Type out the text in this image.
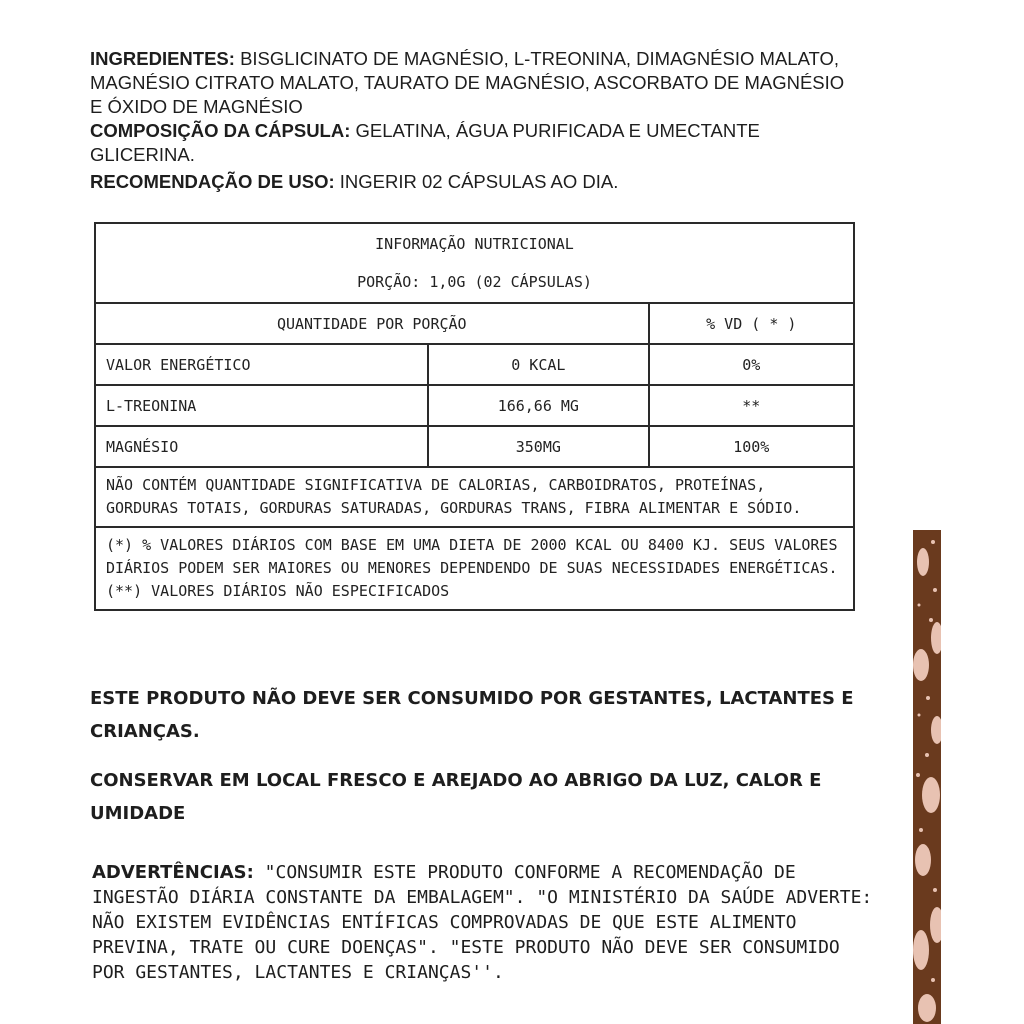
INGREDIENTES: BISGLICINATO DE MAGNÉSIO, L-TREONINA, DIMAGNÉSIO MALATO, MAGNÉSIO CITRATO MALATO, TAURATO DE MAGNÉSIO, ASCORBATO DE MAGNÉSIO E ÓXIDO DE MAGNÉSIO

COMPOSIÇÃO DA CÁPSULA: GELATINA, ÁGUA PURIFICADA E UMECTANTE GLICERINA.

RECOMENDAÇÃO DE USO: INGERIR 02 CÁPSULAS AO DIA.

INFORMAÇÃO NUTRICIONAL
PORÇÃO: 1,0G (02 CÁPSULAS)		

QUANTIDADE POR PORÇÃO		% VD ( * )
VALOR ENERGÉTICO	0 KCAL	0%
L-TREONINA	166,66 MG	**
MAGNÉSIO	350MG	100%
NÃO CONTÉM QUANTIDADE SIGNIFICATIVA DE CALORIAS, CARBOIDRATOS, PROTEÍNAS, GORDURAS TOTAIS, GORDURAS SATURADAS, GORDURAS TRANS, FIBRA ALIMENTAR E SÓDIO.		

(*) % VALORES DIÁRIOS COM BASE EM UMA DIETA DE 2000 KCAL OU 8400 KJ. SEUS VALORES DIÁRIOS PODEM SER MAIORES OU MENORES DEPENDENDO DE SUAS NECESSIDADES ENERGÉTICAS.
(**) VALORES DIÁRIOS NÃO ESPECIFICADOS		

ESTE PRODUTO NÃO DEVE SER CONSUMIDO POR GESTANTES, LACTANTES E CRIANÇAS.

CONSERVAR EM LOCAL FRESCO E AREJADO AO ABRIGO DA LUZ, CALOR E UMIDADE

ADVERTÊNCIAS: "CONSUMIR ESTE PRODUTO CONFORME A RECOMENDAÇÃO DE INGESTÃO DIÁRIA CONSTANTE DA EMBALAGEM". "O MINISTÉRIO DA SAÚDE ADVERTE: NÃO EXISTEM EVIDÊNCIAS ENTÍFICAS COMPROVADAS DE QUE ESTE ALIMENTO PREVINA, TRATE OU CURE DOENÇAS". "ESTE PRODUTO NÃO DEVE SER CONSUMIDO POR GESTANTES, LACTANTES E CRIANÇAS''.
